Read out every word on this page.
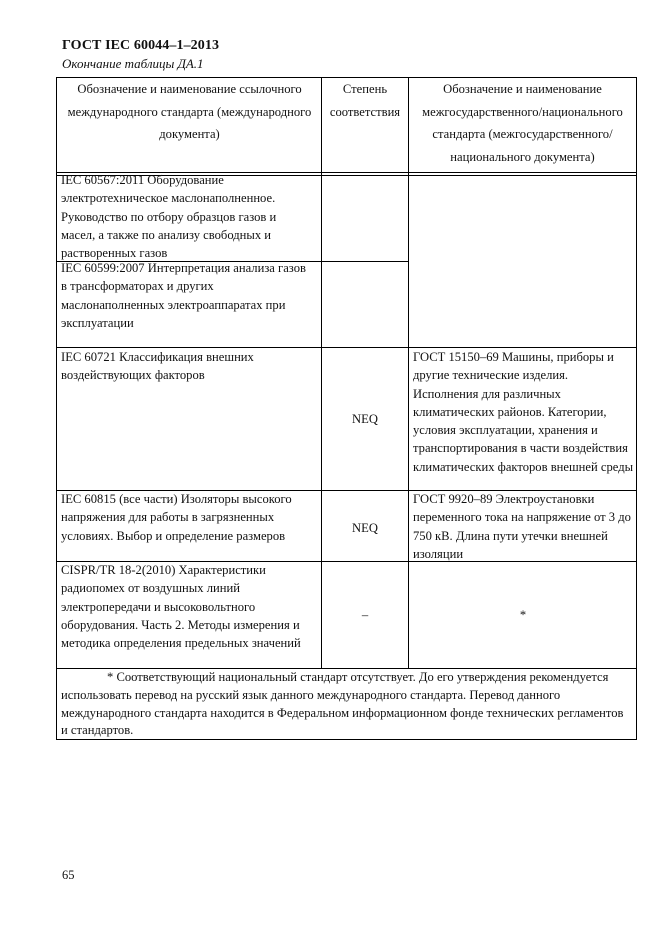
ГОСТ IEC 60044–1–2013
Окончание таблицы ДА.1
Обозначение и наименование ссылочного международного стандарта (международного документа)
Степень соответствия
Обозначение и наименование межгосударственного/национального стандарта (межгосударственного/ национального документа)
IEC 60567:2011 Оборудование электротехническое маслонаполненное. Руководство по отбору образцов газов и масел, а также по анализу свободных и растворенных газов
IEC 60599:2007 Интерпретация анализа газов в трансформаторах и других маслонаполненных электроаппаратах при эксплуатации
IEC 60721 Классификация внешних воздействующих факторов
NEQ
ГОСТ 15150–69 Машины, приборы и другие технические изделия. Исполнения для различных климатических районов. Категории, условия эксплуатации, хранения и транспортирования в части воздействия климатических факторов внешней среды
IEC 60815 (все части) Изоляторы высокого напряжения для работы в загрязненных условиях. Выбор и определение размеров
NEQ
ГОСТ 9920–89 Электроустановки переменного тока на напряжение от 3 до 750 кВ. Длина пути утечки внешней изоляции
CISPR/TR 18-2(2010) Характеристики радиопомех от воздушных линий электропередачи и высоковольтного оборудования. Часть 2. Методы измерения и методика определения предельных значений
–	*
* Соответствующий национальный стандарт отсутствует. До его утверждения рекомендуется использовать перевод на русский язык данного международного стандарта. Перевод данного международного стандарта находится в Федеральном информационном фонде технических регламентов и стандартов.
65
